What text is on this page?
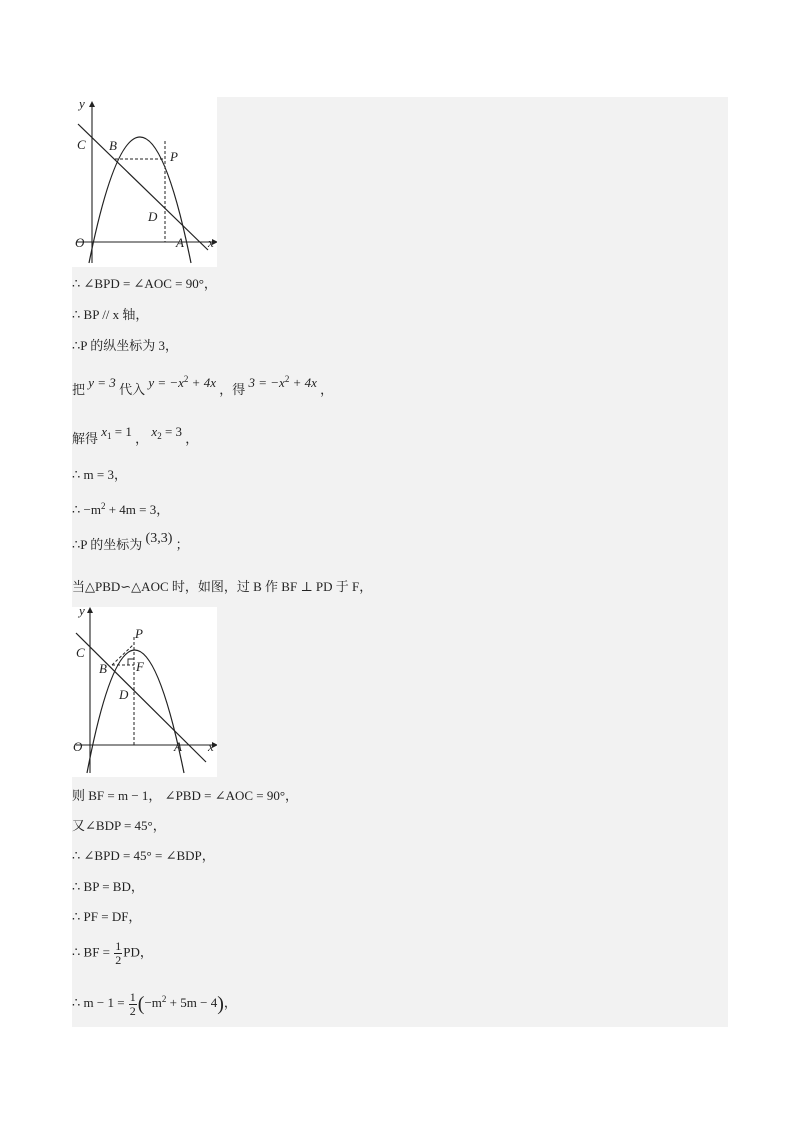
y
C B
P
D
O	A x
∴ ∠BPD = ∠AOC = 90°，
∴ BP // x 轴，
∴P 的纵坐标为 3，
把 y = 3 代入 $y = -x^2 + 4x$ ，得 $3 = -x^2 + 4x$ ，
解得 $x_1 = 1$ ， $x_2 = 3$ ，
∴ m = 3，
∴ $-m^2 + 4m = 3$，
∴P 的坐标为 (3,3) ；
当△PBD∽△AOC 时，如图，过 B 作 BF ⊥ PD 于 F，
y
P
C
B F
D
O	A x
则 BF = m − 1， ∠PBD = ∠AOC = 90°，
又∠BDP = 45°，
∴ ∠BPD = 45° = ∠BDP，
∴ BP = BD，
∴ PF = DF，
∴ BF = $\frac{1}{2}$ PD，
∴ $m - 1 = \frac{1}{2} (-m^2 + 5m - 4)$，
